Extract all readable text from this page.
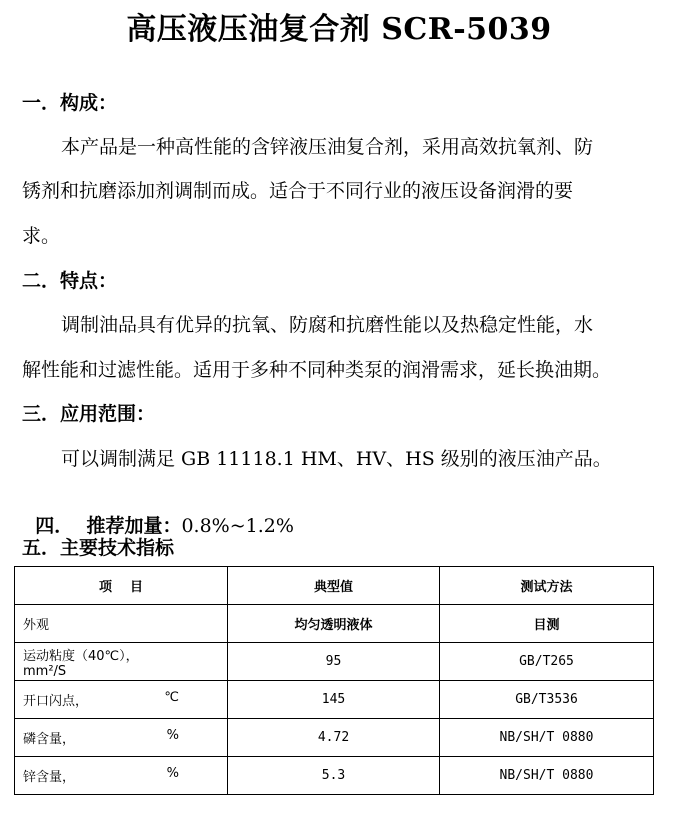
高压液压油复合剂 SCR-5039
一．构成：
本产品是一种高性能的含锌液压油复合剂，采用高效抗氧剂、防
锈剂和抗磨添加剂调制而成。适合于不同行业的液压设备润滑的要
求。
二．特点：
调制油品具有优异的抗氧、防腐和抗磨性能以及热稳定性能，水
解性能和过滤性能。适用于多种不同种类泵的润滑需求，延长换油期。
三．应用范围：
可以调制满足 GB 11118.1 HM、HV、HS 级别的液压油产品。

四．  推荐加量：0.8%~1.2%

五．主要技术指标
项    目	典型值	测试方法

外观	均匀透明液体	目测

运动粘度（40℃），mm²/S	95	GB/T265

开口闪点， ℃	145	GB/T3536

磷含量， %	4.72	NB/SH/T 0880

锌含量， %	5.3	NB/SH/T 0880
